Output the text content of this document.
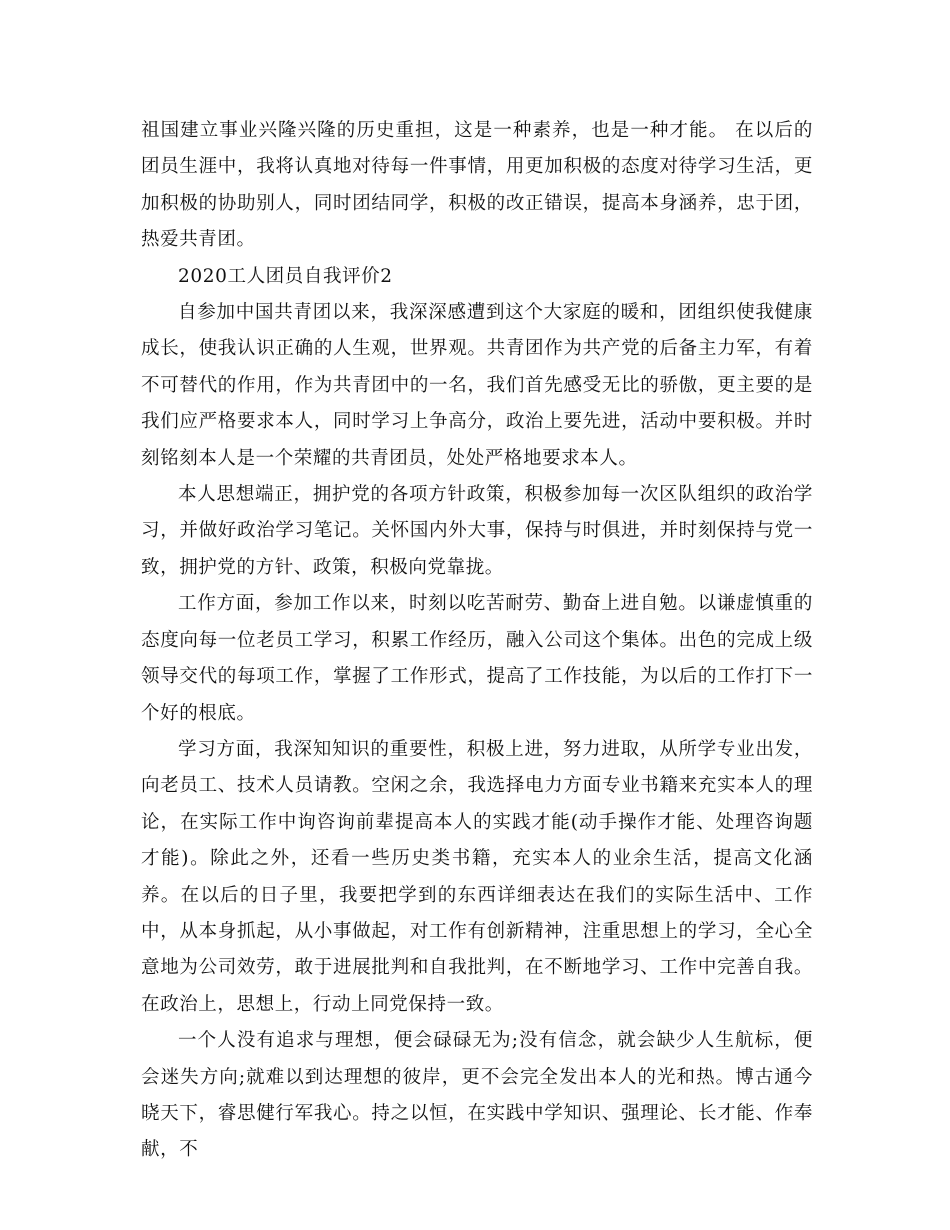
祖国建立事业兴隆兴隆的历史重担，这是一种素养，也是一种才能。 在以后的团员生涯中，我将认真地对待每一件事情，用更加积极的态度对待学习生活，更加积极的协助别人，同时团结同学，积极的改正错误，提高本身涵养，忠于团，热爱共青团。

2020工人团员自我评价2

自参加中国共青团以来，我深深感遭到这个大家庭的暖和，团组织使我健康成长，使我认识正确的人生观，世界观。共青团作为共产党的后备主力军，有着不可替代的作用，作为共青团中的一名，我们首先感受无比的骄傲，更主要的是我们应严格要求本人，同时学习上争高分，政治上要先进，活动中要积极。并时刻铭刻本人是一个荣耀的共青团员，处处严格地要求本人。

本人思想端正，拥护党的各项方针政策，积极参加每一次区队组织的政治学习，并做好政治学习笔记。关怀国内外大事，保持与时俱进，并时刻保持与党一致，拥护党的方针、政策，积极向党靠拢。

工作方面，参加工作以来，时刻以吃苦耐劳、勤奋上进自勉。以谦虚慎重的态度向每一位老员工学习，积累工作经历，融入公司这个集体。出色的完成上级领导交代的每项工作，掌握了工作形式，提高了工作技能，为以后的工作打下一个好的根底。

学习方面，我深知知识的重要性，积极上进，努力进取，从所学专业出发，向老员工、技术人员请教。空闲之余，我选择电力方面专业书籍来充实本人的理论，在实际工作中询咨询前辈提高本人的实践才能(动手操作才能、处理咨询题才能)。除此之外，还看一些历史类书籍，充实本人的业余生活，提高文化涵养。在以后的日子里，我要把学到的东西详细表达在我们的实际生活中、工作中，从本身抓起，从小事做起，对工作有创新精神，注重思想上的学习，全心全意地为公司效劳，敢于进展批判和自我批判，在不断地学习、工作中完善自我。在政治上，思想上，行动上同党保持一致。

一个人没有追求与理想，便会碌碌无为;没有信念，就会缺少人生航标，便会迷失方向;就难以到达理想的彼岸，更不会完全发出本人的光和热。博古通今晓天下，睿思健行军我心。持之以恒，在实践中学知识、强理论、长才能、作奉献，不
